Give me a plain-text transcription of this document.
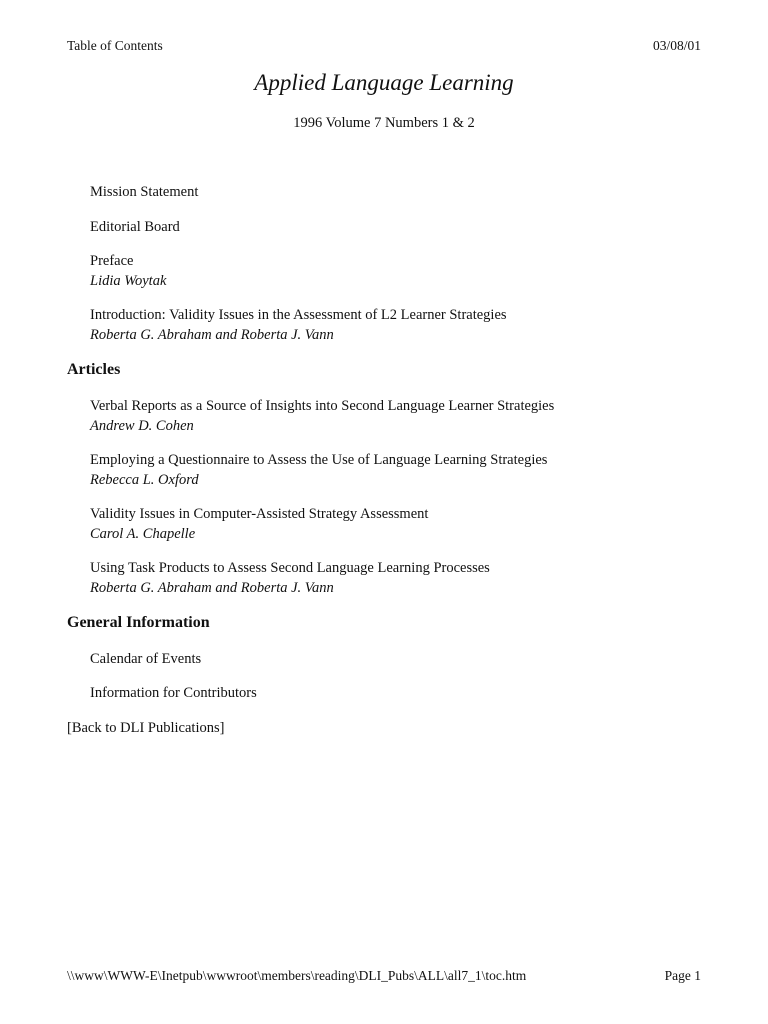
Table of Contents	03/08/01
Applied Language Learning
1996 Volume 7 Numbers 1 & 2
Mission Statement
Editorial Board
Preface
Lidia Woytak
Introduction: Validity Issues in the Assessment of L2 Learner Strategies
Roberta G. Abraham and Roberta J. Vann
Articles
Verbal Reports as a Source of Insights into Second Language Learner Strategies
Andrew D. Cohen
Employing a Questionnaire to Assess the Use of Language Learning Strategies
Rebecca L. Oxford
Validity Issues in Computer-Assisted Strategy Assessment
Carol A. Chapelle
Using Task Products to Assess Second Language Learning Processes
Roberta G. Abraham and Roberta J. Vann
General Information
Calendar of Events
Information for Contributors
[Back to DLI Publications]
\\www\WWW-E\Inetpub\wwwroot\members\reading\DLI_Pubs\ALL\all7_1\toc.htm	Page 1
